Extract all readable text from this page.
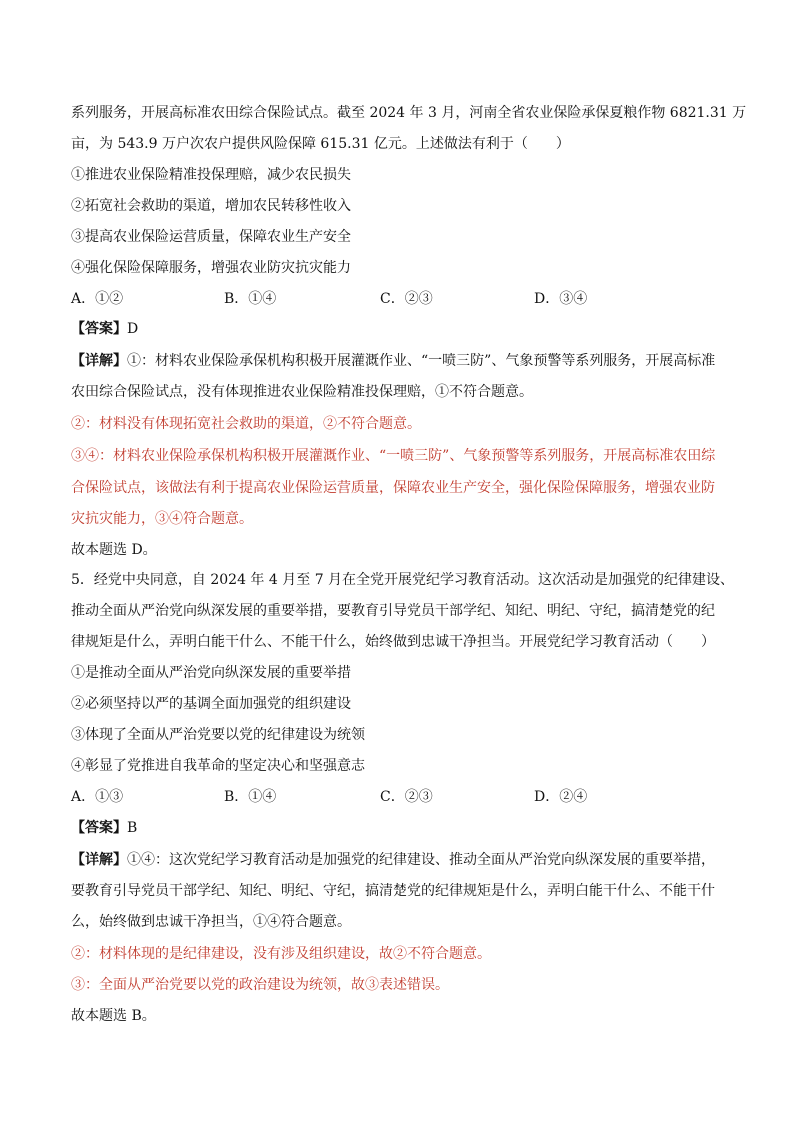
系列服务，开展高标准农田综合保险试点。截至 2024 年 3 月，河南全省农业保险承保夏粮作物 6821.31 万
亩，为 543.9 万户次农户提供风险保障 615.31 亿元。上述做法有利于（　　）
①推进农业保险精准投保理赔，减少农民损失
②拓宽社会救助的渠道，增加农民转移性收入
③提高农业保险运营质量，保障农业生产安全
④强化保险保障服务，增强农业防灾抗灾能力
A．①②	B．①④	C．②③	D．③④
【答案】D
【详解】①：材料农业保险承保机构积极开展灌溉作业、“一喷三防”、气象预警等系列服务，开展高标准
农田综合保险试点，没有体现推进农业保险精准投保理赔，①不符合题意。
②：材料没有体现拓宽社会救助的渠道，②不符合题意。
③④：材料农业保险承保机构积极开展灌溉作业、“一喷三防”、气象预警等系列服务，开展高标准农田综
合保险试点，该做法有利于提高农业保险运营质量，保障农业生产安全，强化保险保障服务，增强农业防
灾抗灾能力，③④符合题意。
故本题选 D。
5．经党中央同意，自 2024 年 4 月至 7 月在全党开展党纪学习教育活动。这次活动是加强党的纪律建设、
推动全面从严治党向纵深发展的重要举措，要教育引导党员干部学纪、知纪、明纪、守纪，搞清楚党的纪
律规矩是什么，弄明白能干什么、不能干什么，始终做到忠诚干净担当。开展党纪学习教育活动（　　）
①是推动全面从严治党向纵深发展的重要举措
②必须坚持以严的基调全面加强党的组织建设
③体现了全面从严治党要以党的纪律建设为统领
④彰显了党推进自我革命的坚定决心和坚强意志
A．①③	B．①④	C．②③	D．②④
【答案】B
【详解】①④：这次党纪学习教育活动是加强党的纪律建设、推动全面从严治党向纵深发展的重要举措，
要教育引导党员干部学纪、知纪、明纪、守纪，搞清楚党的纪律规矩是什么，弄明白能干什么、不能干什
么，始终做到忠诚干净担当，①④符合题意。
②：材料体现的是纪律建设，没有涉及组织建设，故②不符合题意。
③：全面从严治党要以党的政治建设为统领，故③表述错误。
故本题选 B。
